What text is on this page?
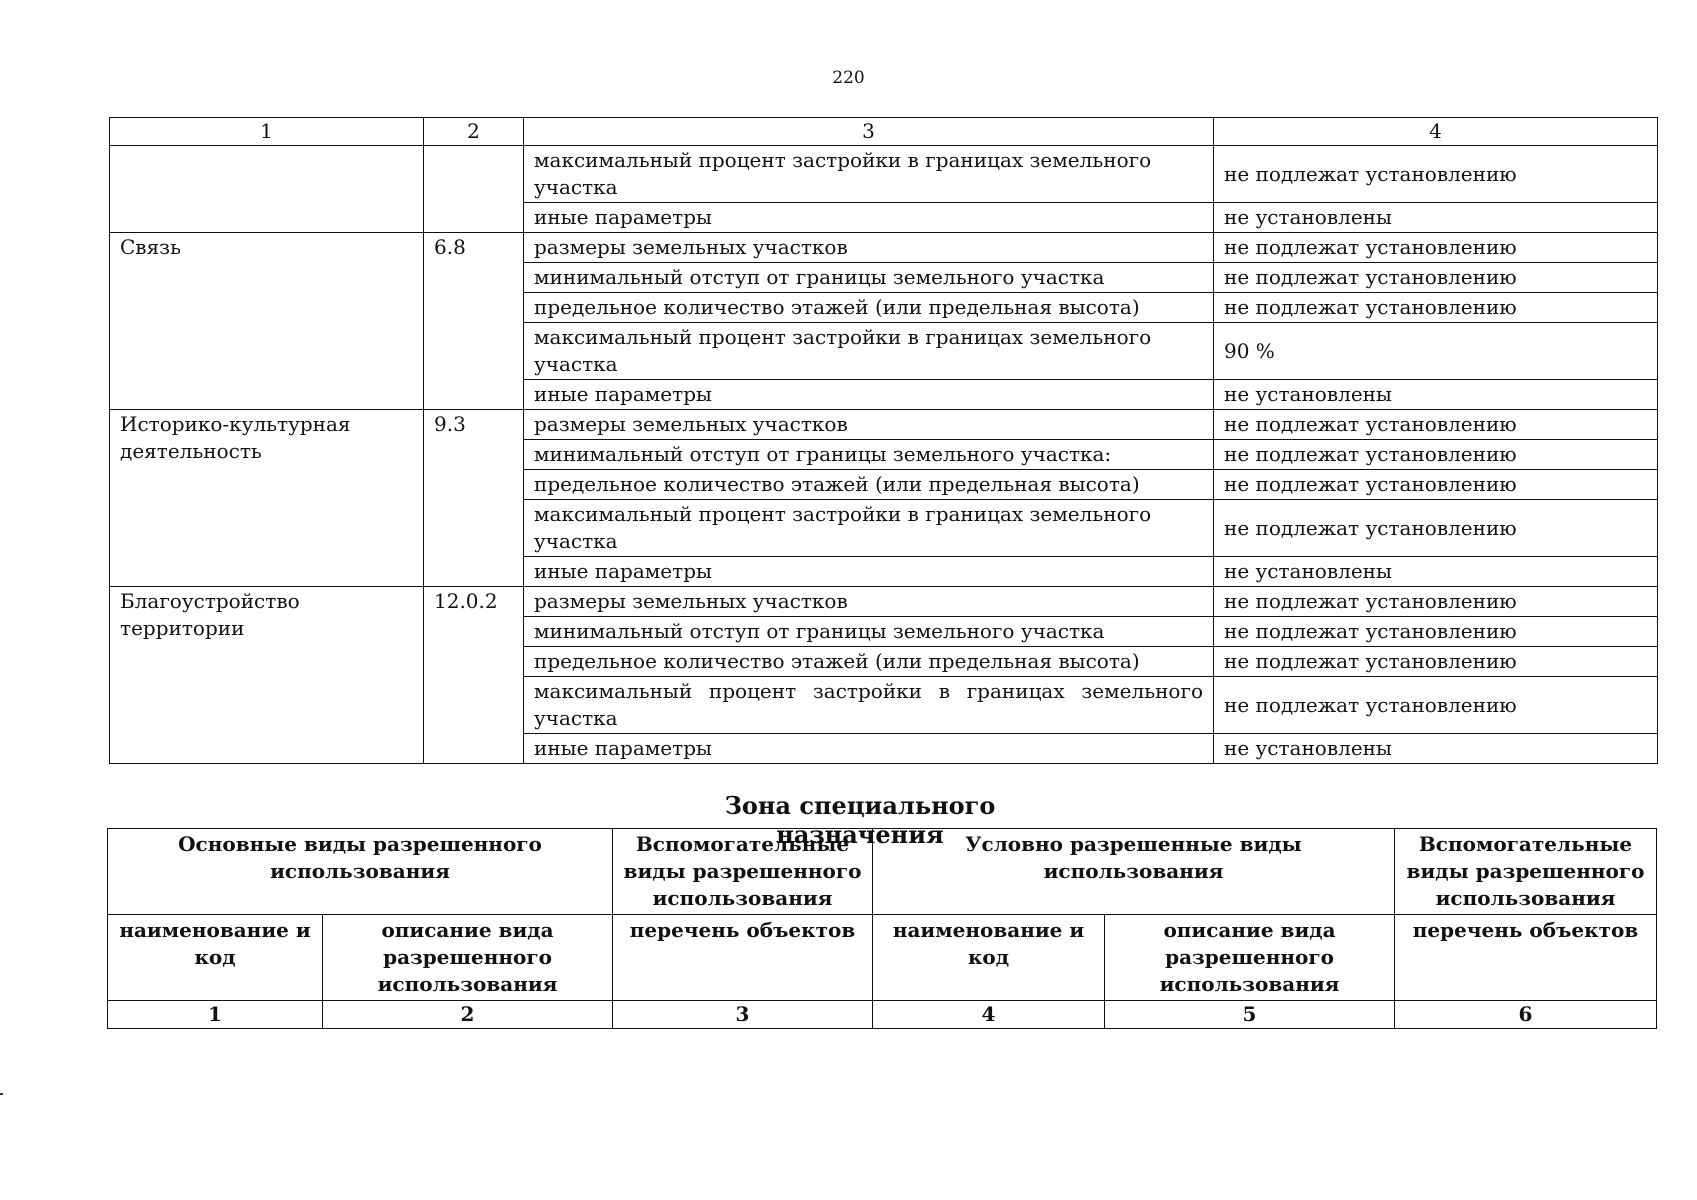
220
1	2	3	4
		максимальный процент застройки в границах земельного участка	не подлежат установлению
		иные параметры	не установлены
Связь	6.8	размеры земельных участков	не подлежат установлению
		минимальный отступ от границы земельного участка	не подлежат установлению
		предельное количество этажей (или предельная высота)	не подлежат установлению
		максимальный процент застройки в границах земельного участка	90 %
		иные параметры	не установлены
Историко-культурная деятельность	9.3	размеры земельных участков	не подлежат установлению
		минимальный отступ от границы земельного участка:	не подлежат установлению
		предельное количество этажей (или предельная высота)	не подлежат установлению
		максимальный процент застройки в границах земельного участка	не подлежат установлению
		иные параметры	не установлены
Благоустройство территории	12.0.2	размеры земельных участков	не подлежат установлению
		минимальный отступ от границы земельного участка	не подлежат установлению
		предельное количество этажей (или предельная высота)	не подлежат установлению
		максимальный процент застройки в границах земельного участка	не подлежат установлению
		иные параметры	не установлены
Зона специального назначения
Основные виды разрешенного использования		Вспомогательные виды разрешенного использования	Условно разрешенные виды использования		Вспомогательные виды разрешенного использования
наименование и код	описание вида разрешенного использования	перечень объектов	наименование и код	описание вида разрешенного использования	перечень объектов
1	2	3	4	5	6
